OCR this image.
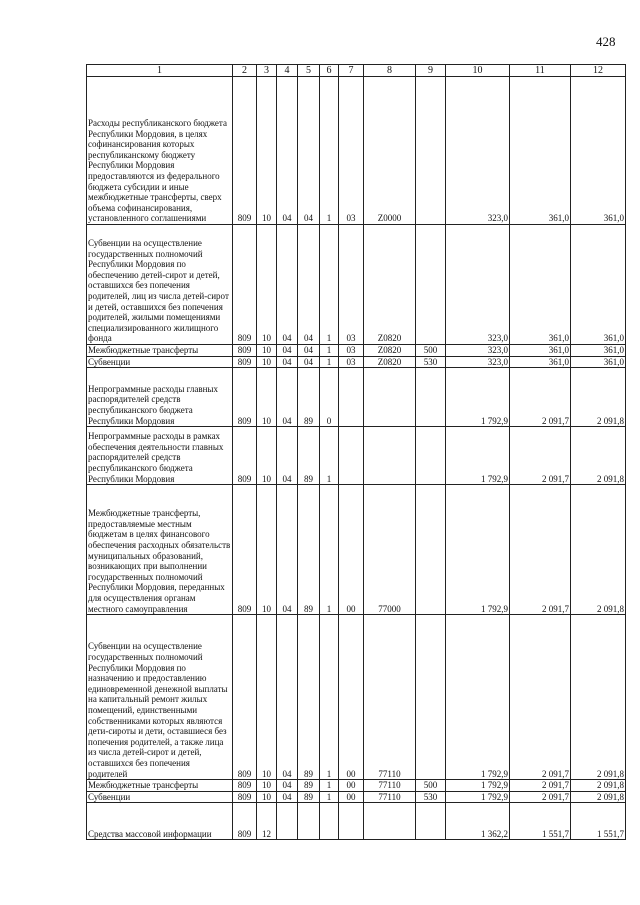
428
1	2	3	4	5	6	7	8	9	10	11	12
Расходы республиканского бюджета Республики Мордовия, в целях софинансирования которых республиканскому бюджету Республики Мордовия предоставляются из федерального бюджета субсидии и иные межбюджетные трансферты, сверх объема софинансирования, установленного соглашениями	809	10	04	04	1	03	Z0000		323,0	361,0	361,0
Субвенции на осуществление государственных полномочий Республики Мордовия по обеспечению детей-сирот и детей, оставшихся без попечения родителей, лиц из числа детей-сирот и детей, оставшихся без попечения родителей, жилыми помещениями специализированного жилищного фонда	809	10	04	04	1	03	Z0820		323,0	361,0	361,0
Межбюджетные трансферты	809	10	04	04	1	03	Z0820	500	323,0	361,0	361,0
Субвенции	809	10	04	04	1	03	Z0820	530	323,0	361,0	361,0
Непрограммные расходы главных распорядителей средств республиканского бюджета Республики Мордовия	809	10	04	89	0				1 792,9	2 091,7	2 091,8
Непрограммные расходы в рамках обеспечения деятельности главных распорядителей средств республиканского бюджета Республики Мордовия	809	10	04	89	1				1 792,9	2 091,7	2 091,8
Межбюджетные трансферты, предоставляемые местным бюджетам в целях финансового обеспечения расходных обязательств муниципальных образований, возникающих при выполнении государственных полномочий Республики Мордовия, переданных для осуществления органам местного самоуправления	809	10	04	89	1	00	77000		1 792,9	2 091,7	2 091,8
Субвенции на осуществление государственных полномочий Республики Мордовия по назначению и предоставлению единовременной денежной выплаты на капитальный ремонт жилых помещений, единственными собственниками которых являются дети-сироты и дети, оставшиеся без попечения родителей, а также лица из числа детей-сирот и детей, оставшихся без попечения родителей	809	10	04	89	1	00	77110		1 792,9	2 091,7	2 091,8
Межбюджетные трансферты	809	10	04	89	1	00	77110	500	1 792,9	2 091,7	2 091,8
Субвенции	809	10	04	89	1	00	77110	530	1 792,9	2 091,7	2 091,8
Средства массовой информации	809	12							1 362,2	1 551,7	1 551,7
